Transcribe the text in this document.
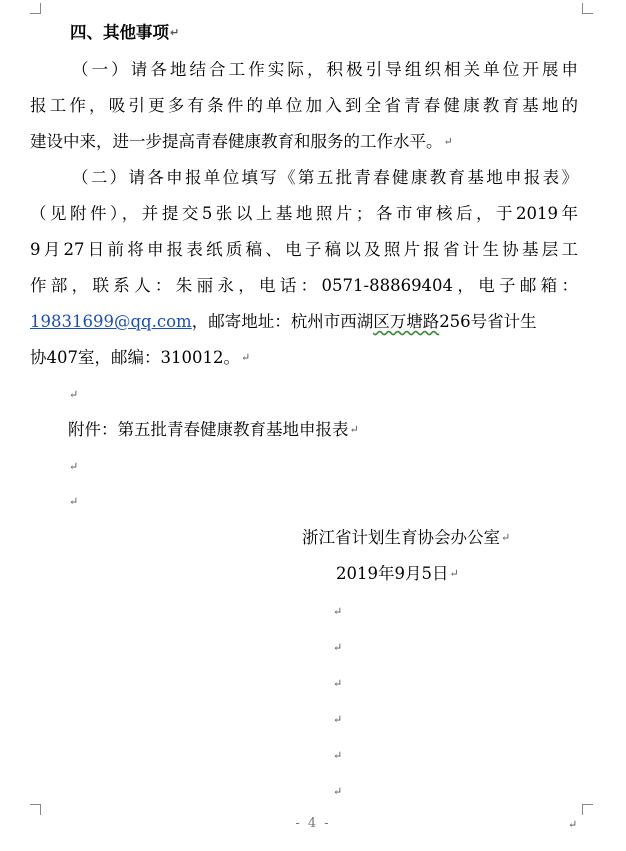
四、其他事项↵
（一）请各地结合工作实际，积极引导组织相关单位开展申
报工作，吸引更多有条件的单位加入到全省青春健康教育基地的
建设中来，进一步提高青春健康教育和服务的工作水平。↵
（二）请各申报单位填写《第五批青春健康教育基地申报表》
（见附件），并提交5张以上基地照片；各市审核后，于2019年
9月27日前将申报表纸质稿、电子稿以及照片报省计生协基层工
作部，联系人：朱丽永，电话：0571-88869404，电子邮箱：
19831699@qq.com，邮寄地址：杭州市西湖区万塘路256号省计生
协407室，邮编：310012。↵
↵
附件：第五批青春健康教育基地申报表↵
↵
↵
浙江省计划生育协会办公室↵
2019年9月5日↵
↵
↵
↵
↵
↵
↵
- 4 -	↵
